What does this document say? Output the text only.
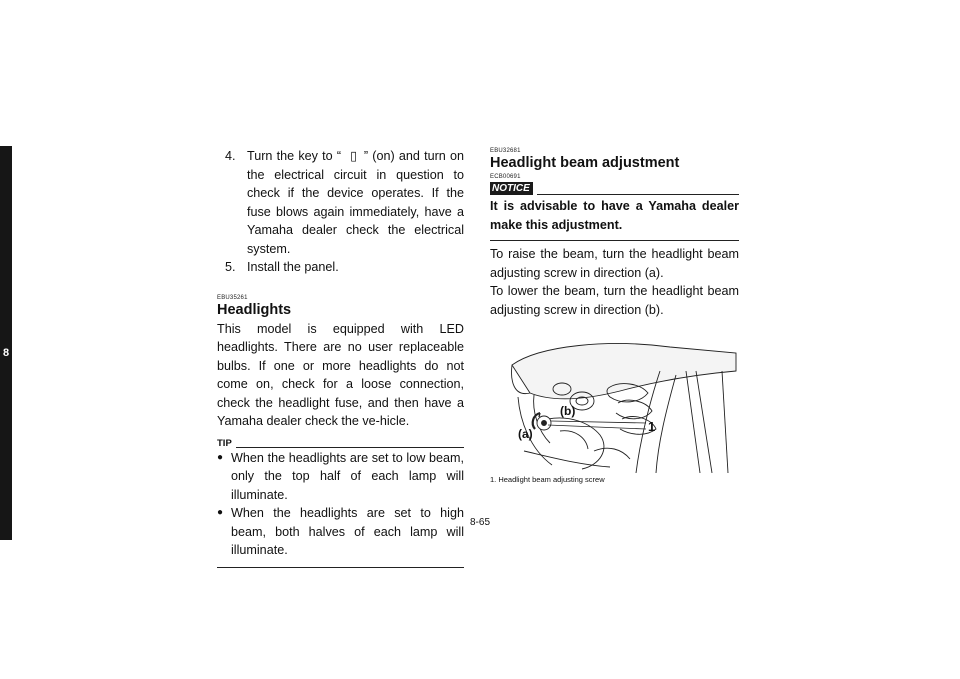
8
4. Turn the key to “   ▯  ” (on) and turn on the electrical circuit in question to check if the device operates. If the fuse blows again immediately, have a Yamaha dealer check the electrical system.
5. Install the panel.

EBU35261

Headlights

This model is equipped with LED headlights. There are no user replaceable bulbs. If one or more headlights do not come on, check for a loose connection, check the headlight fuse, and then have a Yamaha dealer check the ve-hicle.

TIP
● When the headlights are set to low beam, only the top half of each lamp will illuminate.
● When the headlights are set to high beam, both halves of each lamp will illuminate.

EBU32681

Headlight beam adjustment

ECB00691

NOTICE

It is advisable to have a Yamaha dealer make this adjustment.

To raise the beam, turn the headlight beam adjusting screw in direction (a).

To lower the beam, turn the headlight beam adjusting screw in direction (b).

(b)
(a)	1

1. Headlight beam adjusting screw

8-65
